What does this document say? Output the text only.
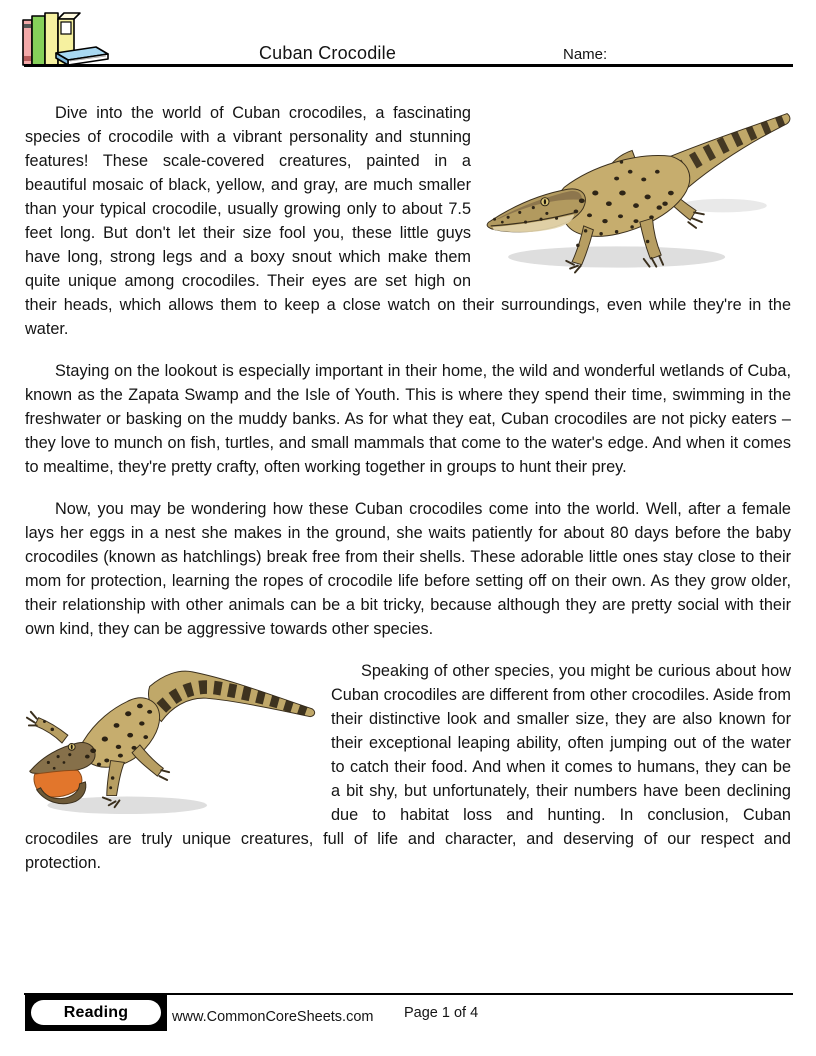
Cuban Crocodile	Name:
Dive into the world of Cuban crocodiles, a fascinating species of crocodile with a vibrant personality and stunning features! These scale-covered creatures, painted in a beautiful mosaic of black, yellow, and gray, are much smaller than your typical crocodile, usually growing only to about 7.5 feet long. But don't let their size fool you, these little guys have long, strong legs and a boxy snout which make them quite unique among crocodiles. Their eyes are set high on their heads, which allows them to keep a close watch on their surroundings, even while they're in the water.
Staying on the lookout is especially important in their home, the wild and wonderful wetlands of Cuba, known as the Zapata Swamp and the Isle of Youth. This is where they spend their time, swimming in the freshwater or basking on the muddy banks. As for what they eat, Cuban crocodiles are not picky eaters – they love to munch on fish, turtles, and small mammals that come to the water's edge. And when it comes to mealtime, they're pretty crafty, often working together in groups to hunt their prey.
Now, you may be wondering how these Cuban crocodiles come into the world. Well, after a female lays her eggs in a nest she makes in the ground, she waits patiently for about 80 days before the baby crocodiles (known as hatchlings) break free from their shells. These adorable little ones stay close to their mom for protection, learning the ropes of crocodile life before setting off on their own. As they grow older, their relationship with other animals can be a bit tricky, because although they are pretty social with their own kind, they can be aggressive towards other species.
Speaking of other species, you might be curious about how Cuban crocodiles are different from other crocodiles. Aside from their distinctive look and smaller size, they are also known for their exceptional leaping ability, often jumping out of the water to catch their food. And when it comes to humans, they can be a bit shy, but unfortunately, their numbers have been declining due to habitat loss and hunting. In conclusion, Cuban crocodiles are truly unique creatures, full of life and character, and deserving of our respect and protection.
Reading	www.CommonCoreSheets.com Page 1 of 4
